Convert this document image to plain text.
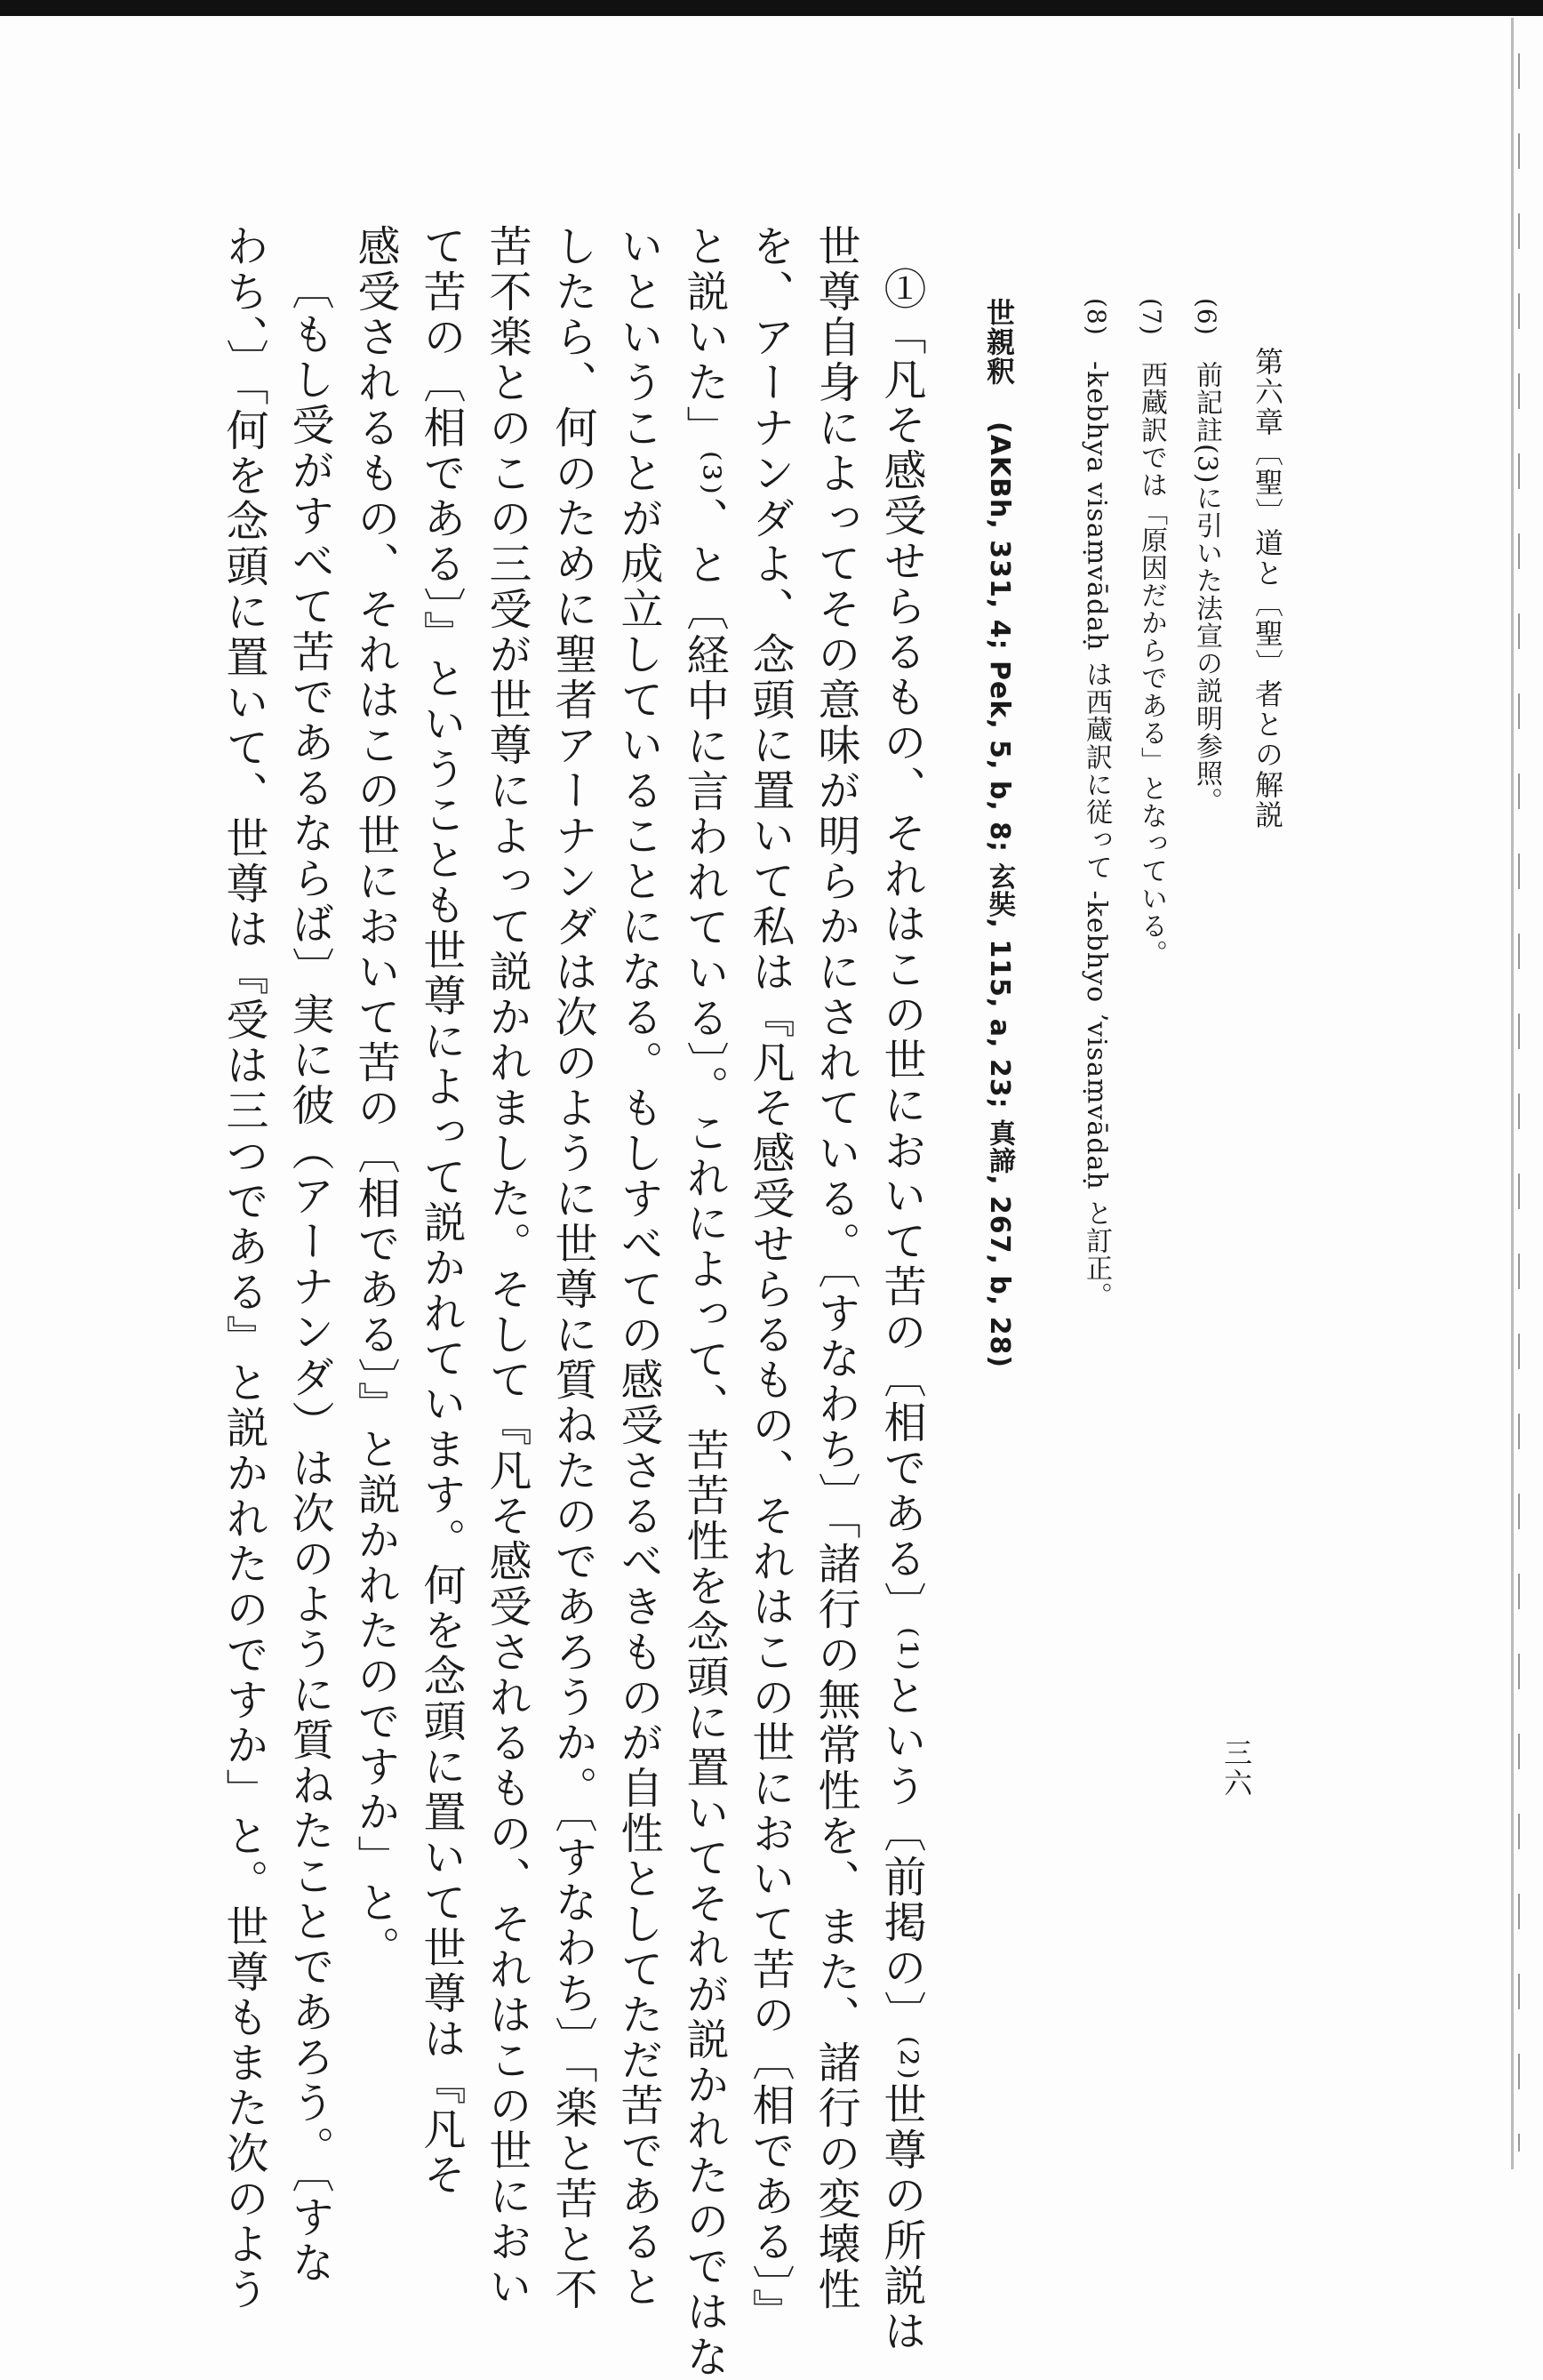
第六章〔聖〕道と〔聖〕者との解説
三六
(6) 前記註(3)に引いた法宣の説明参照。
(7) 西蔵訳では「原因だからである」となっている。
(8) -kebhya visaṃvādaḥ は西蔵訳に従って -kebhyo ʼvisaṃvādaḥ と訂正。
世親釈 (AKBh, 331, 4; Pek, 5, b, 8; 玄奘, 115, a, 23; 真諦, 267, b, 28)
①「凡そ感受せらるもの、それはこの世において苦の〔相である〕⁽¹⁾という〔前掲の〕⁽²⁾世尊の所説は
世尊自身によってその意味が明らかにされている。〔すなわち〕「諸行の無常性を、また、諸行の変壊性
を、アーナンダよ、念頭に置いて私は『凡そ感受せらるもの、それはこの世において苦の〔相である〕』
と説いた」⁽³⁾、と〔経中に言われている〕。これによって、苦苦性を念頭に置いてそれが説かれたのではな
いということが成立していることになる。もしすべての感受さるべきものが自性としてただ苦であると
したら、何のために聖者アーナンダは次のように世尊に質ねたのであろうか。〔すなわち〕「楽と苦と不
苦不楽とのこの三受が世尊によって説かれました。そして『凡そ感受されるもの、それはこの世におい
て苦の〔相である〕』ということも世尊によって説かれています。何を念頭に置いて世尊は『凡そ
感受されるもの、それはこの世において苦の〔相である〕』と説かれたのですか」と。
〔もし受がすべて苦であるならば〕実に彼（アーナンダ）は次のように質ねたことであろう。〔すな
わち、〕「何を念頭に置いて、世尊は『受は三つである』と説かれたのですか」と。世尊もまた次のよう
